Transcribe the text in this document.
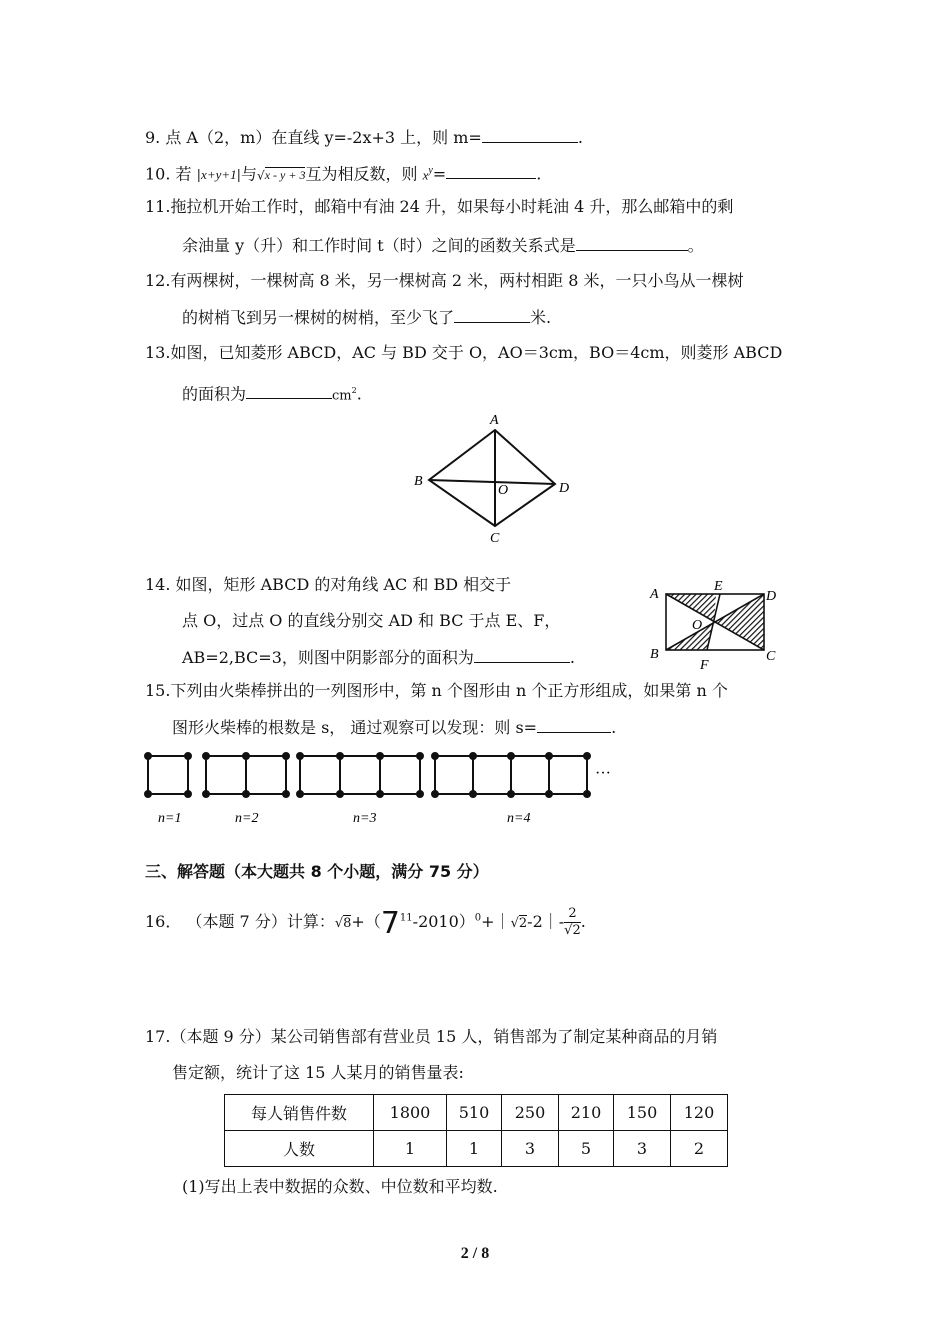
9. 点 A（2，m）在直线 y=-2x+3 上，则 m=	.
10. 若 |x+y+1|与√x - y + 3互为相反数，则 $x^y=$	.
11.拖拉机开始工作时，邮箱中有油 24 升，如果每小时耗油 4 升，那么邮箱中的剩
余油量 y（升）和工作时间 t（时）之间的函数关系式是	。
12.有两棵树，一棵树高 8 米，另一棵树高 2 米，两村相距 8 米，一只小鸟从一棵树
的树梢飞到另一棵树的树梢，至少飞了	米.
13.如图，已知菱形 ABCD，AC 与 BD 交于 O，AO＝3cm，BO＝4cm，则菱形 ABCD
的面积为	$cm^2$.
A
B
C
D
O
14. 如图，矩形 ABCD 的对角线 AC 和 BD 相交于
点 O，过点 O 的直线分别交 AD 和 BC 于点 E、F，
AB=2,BC=3，则图中阴影部分的面积为	.
A
E
D
O
B
F
C
15.下列由火柴棒拼出的一列图形中，第 n 个图形由 n 个正方形组成，如果第 n 个
图形火柴棒的根数是 s， 通过观察可以发现：则 s=	.
n=1	n=2	n=3	n=4
···
三、解答题（本大题共 8 个小题，满分 75 分）
16． （本题 7 分）计算：$√8+(7^{11}-2010)^0+|√2-2|- \frac{2}{√2}$ .
17.（本题 9 分）某公司销售部有营业员 15 人，销售部为了制定某种商品的月销
售定额，统计了这 15 人某月的销售量表:
每人销售件数	1800	510	250	210	150	120
人数	1	1	3	5	3	2
(1)写出上表中数据的众数、中位数和平均数.
2 / 8
